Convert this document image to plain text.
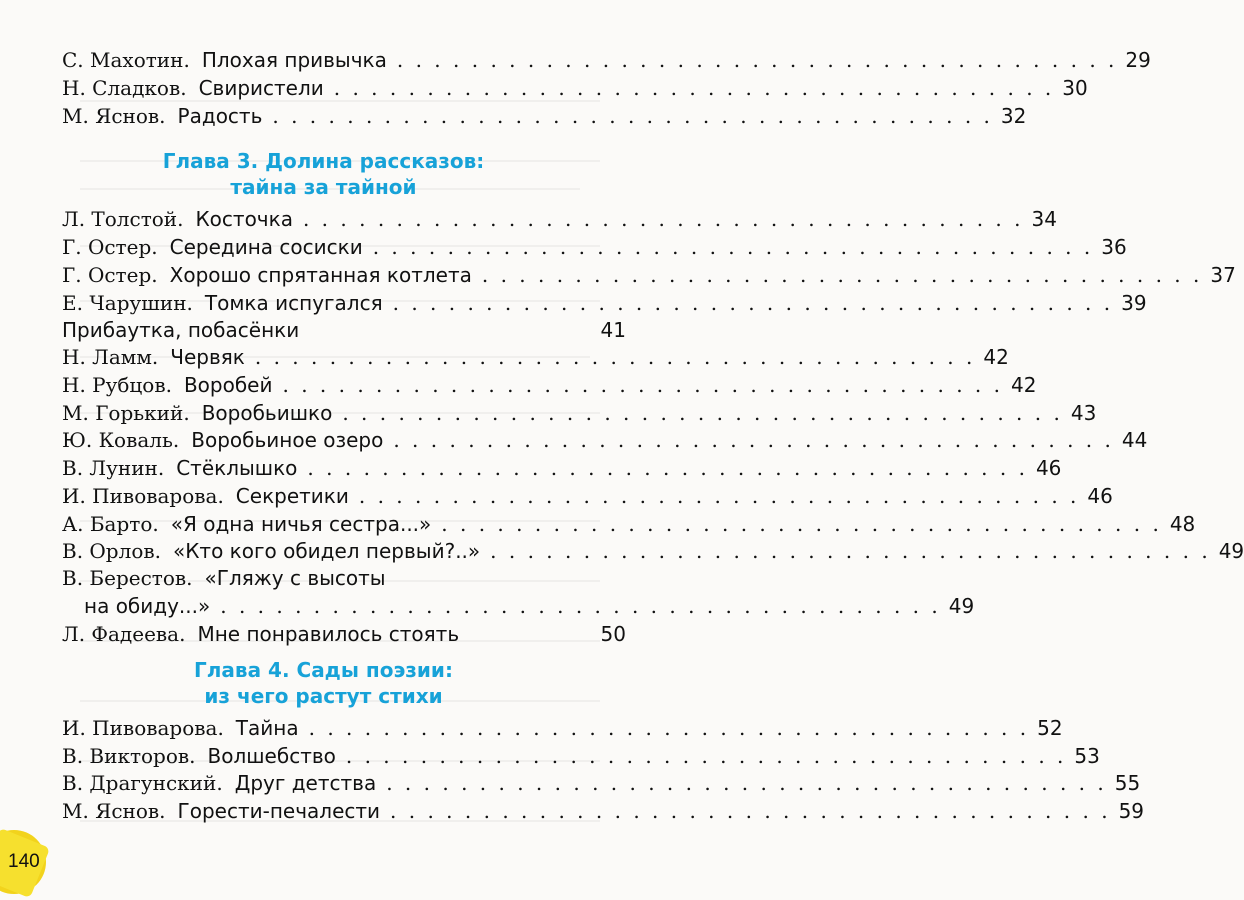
С. Махотин. Плохая привычка . . . . . . . . . . . . . . . . . . . . . . . . . . . . . . . . . . . . . . . 29
Н. Сладков. Свиристели . . . . . . . . . . . . . . . . . . . . . . . . . . . . . . . . . . . . . . . 30
М. Яснов. Радость . . . . . . . . . . . . . . . . . . . . . . . . . . . . . . . . . . . . . . . 32
Глава 3. Долина рассказов:
тайна за тайной
Л. Толстой. Косточка . . . . . . . . . . . . . . . . . . . . . . . . . . . . . . . . . . . . . . . 34
Г. Остер. Середина сосиски . . . . . . . . . . . . . . . . . . . . . . . . . . . . . . . . . . . . . . . 36
Г. Остер. Хорошо спрятанная котлета . . . . . . . . . . . . . . . . . . . . . . . . . . . . . . . . . . . . . . . 37
Е. Чарушин. Томка испугался . . . . . . . . . . . . . . . . . . . . . . . . . . . . . . . . . . . . . . . 39
Прибаутка, побасёнки	41
Н. Ламм. Червяк . . . . . . . . . . . . . . . . . . . . . . . . . . . . . . . . . . . . . . . 42
Н. Рубцов. Воробей . . . . . . . . . . . . . . . . . . . . . . . . . . . . . . . . . . . . . . . 42
М. Горький. Воробьишко . . . . . . . . . . . . . . . . . . . . . . . . . . . . . . . . . . . . . . . 43
Ю. Коваль. Воробьиное озеро . . . . . . . . . . . . . . . . . . . . . . . . . . . . . . . . . . . . . . . 44
В. Лунин. Стёклышко . . . . . . . . . . . . . . . . . . . . . . . . . . . . . . . . . . . . . . . 46
И. Пивоварова. Секретики . . . . . . . . . . . . . . . . . . . . . . . . . . . . . . . . . . . . . . . 46
А. Барто. «Я одна ничья сестра...» . . . . . . . . . . . . . . . . . . . . . . . . . . . . . . . . . . . . . . . 48
В. Орлов. «Кто кого обидел первый?..» . . . . . . . . . . . . . . . . . . . . . . . . . . . . . . . . . . . . . . . 49
В. Берестов. «Гляжу с высоты
на обиду...» . . . . . . . . . . . . . . . . . . . . . . . . . . . . . . . . . . . . . . . 49
Л. Фадеева. Мне понравилось стоять	50
Глава 4. Сады поэзии:
из чего растут стихи
И. Пивоварова. Тайна . . . . . . . . . . . . . . . . . . . . . . . . . . . . . . . . . . . . . . . 52
В. Викторов. Волшебство . . . . . . . . . . . . . . . . . . . . . . . . . . . . . . . . . . . . . . . 53
В. Драгунский. Друг детства . . . . . . . . . . . . . . . . . . . . . . . . . . . . . . . . . . . . . . . 55
М. Яснов. Горести-печалести . . . . . . . . . . . . . . . . . . . . . . . . . . . . . . . . . . . . . . . 59
140
